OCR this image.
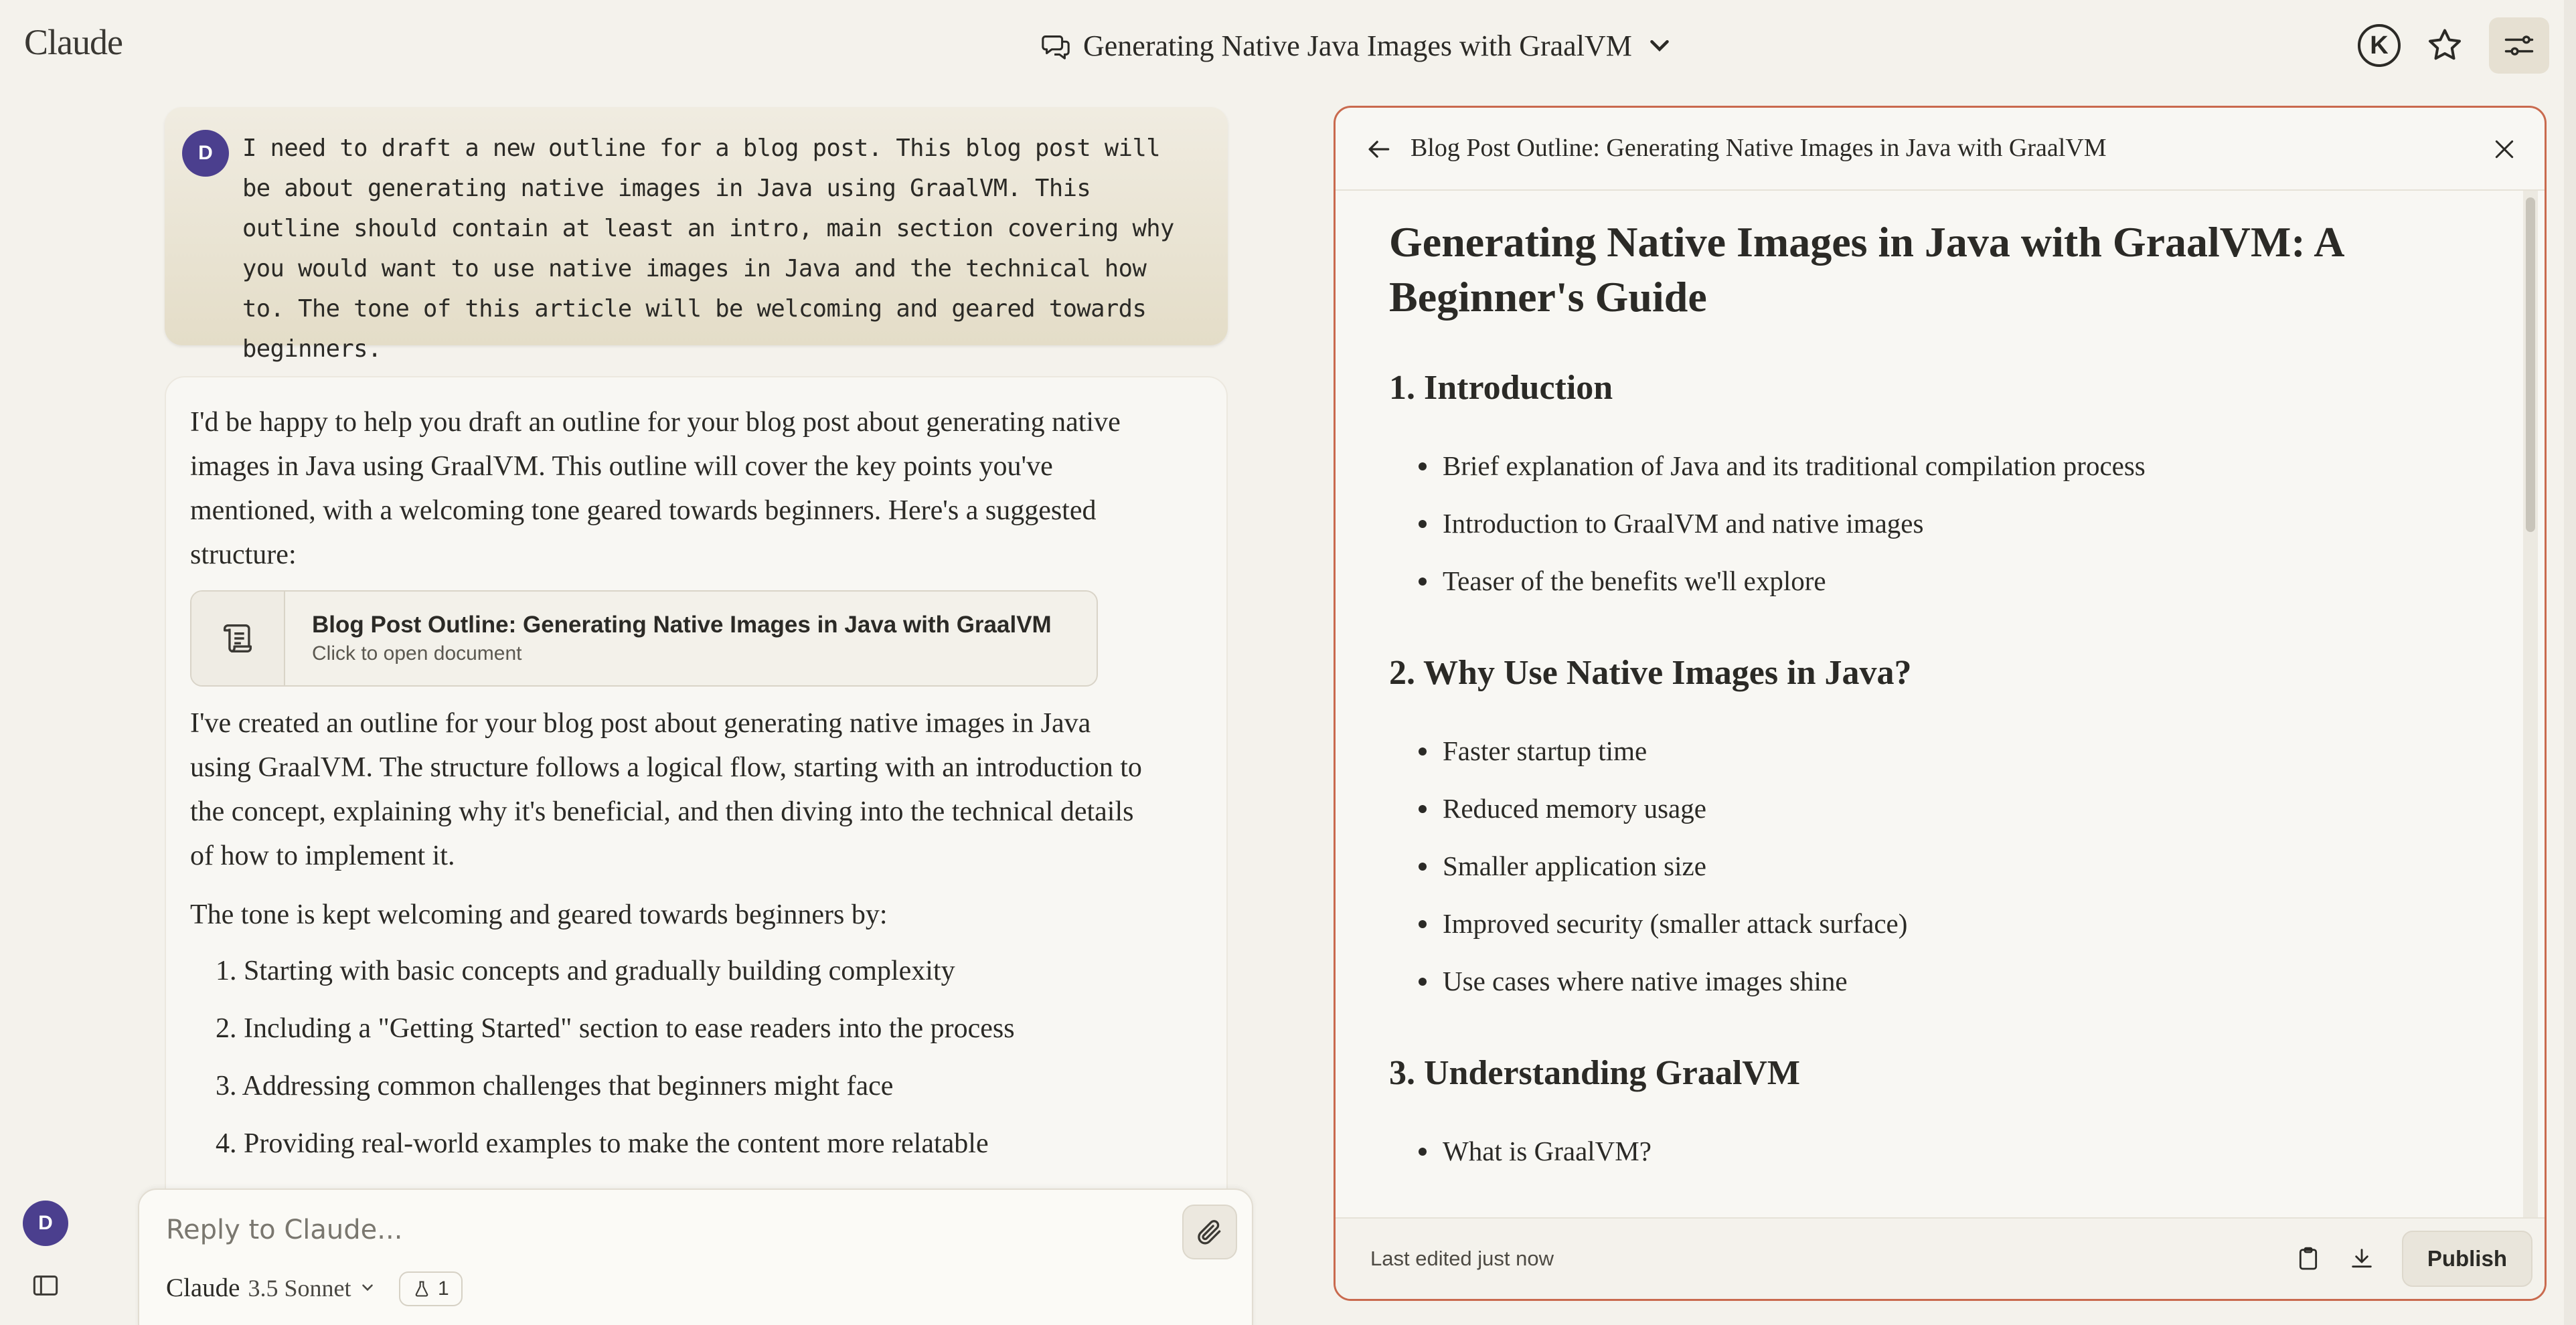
Claude	Generating Native Java Images with GraalVM	K
D	I need to draft a new outline for a blog post. This blog post will be about generating native images in Java using GraalVM. This outline should contain at least an intro, main section covering why you would want to use native images in Java and the technical how to. The tone of this article will be welcoming and geared towards beginners.

I'd be happy to help you draft an outline for your blog post about generating native images in Java using GraalVM. This outline will cover the key points you've mentioned, with a welcoming tone geared towards beginners. Here's a suggested structure:

Blog Post Outline: Generating Native Images in Java with GraalVM
Click to open document

I've created an outline for your blog post about generating native images in Java using GraalVM. The structure follows a logical flow, starting with an introduction to the concept, explaining why it's beneficial, and then diving into the technical details of how to implement it.

The tone is kept welcoming and geared towards beginners by:

1. Starting with basic concepts and gradually building complexity
2. Including a "Getting Started" section to ease readers into the process
3. Addressing common challenges that beginners might face
4. Providing real-world examples to make the content more relatable
Reply to Claude...
Claude 3.5 Sonnet	1
D
Blog Post Outline: Generating Native Images in Java with GraalVM
Generating Native Images in Java with GraalVM: A Beginner's Guide
1. Introduction
Brief explanation of Java and its traditional compilation process
Introduction to GraalVM and native images
Teaser of the benefits we'll explore
2. Why Use Native Images in Java?
Faster startup time
Reduced memory usage
Smaller application size
Improved security (smaller attack surface)
Use cases where native images shine
3. Understanding GraalVM
What is GraalVM?
Last edited just now	Publish
